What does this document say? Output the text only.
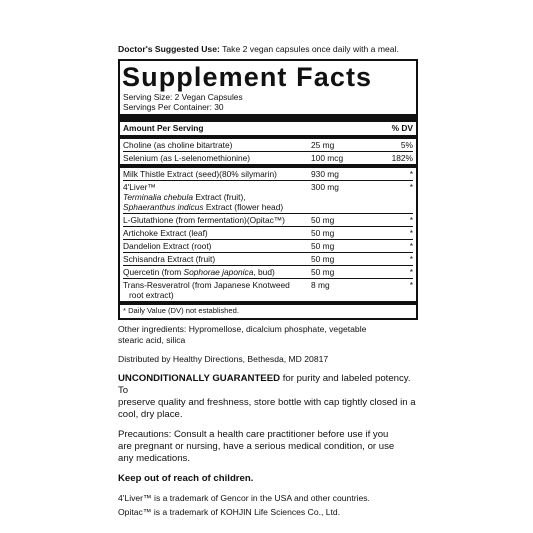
Doctor's Suggested Use: Take 2 vegan capsules once daily with a meal.

Supplement Facts
Serving Size: 2 Vegan Capsules
Servings Per Container: 30
Amount Per Serving	% DV
Choline (as choline bitartrate)	25 mg	5%
Selenium (as L-selenomethionine)	100 mcg	182%
Milk Thistle Extract (seed)(80% silymarin)	930 mg	*
4'Liver™
Terminalia chebula Extract (fruit),
Sphaeranthus indicus Extract (flower head)
300 mg	*
L-Glutathione (from fermentation)(Opitac™)	50 mg	*
Artichoke Extract (leaf)	50 mg	*
Dandelion Extract (root)	50 mg	*
Schisandra Extract (fruit)	50 mg	*
Quercetin (from Sophorae japonica, bud)	50 mg	*
Trans-Resveratrol (from Japanese Knotweed
root extract)
8 mg	*
* Daily Value (DV) not established.

Other ingredients: Hypromellose, dicalcium phosphate, vegetable

stearic acid, silica

Distributed by Healthy Directions, Bethesda, MD 20817

UNCONDITIONALLY GUARANTEED for purity and labeled potency. To

preserve quality and freshness, store bottle with cap tightly closed in a

cool, dry place.

Precautions: Consult a health care practitioner before use if you

are pregnant or nursing, have a serious medical condition, or use

any medications.

Keep out of reach of children.

4'Liver™ is a trademark of Gencor in the USA and other countries.

Opitac™ is a trademark of KOHJIN Life Sciences Co., Ltd.
